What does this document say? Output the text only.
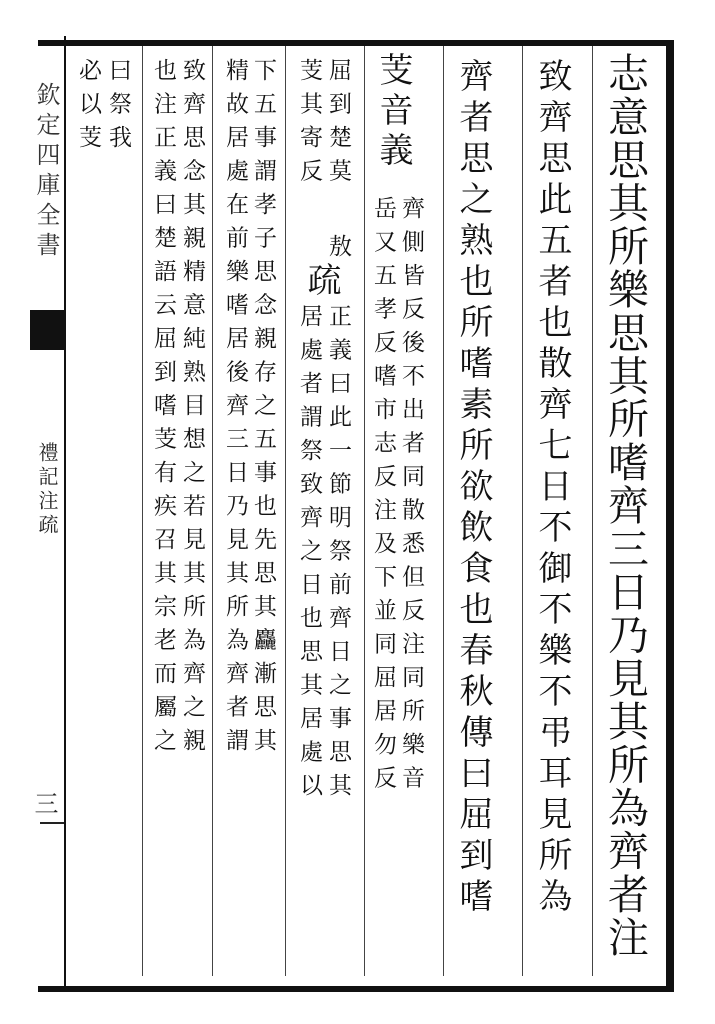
欽定四庫全書
禮記注疏
三	志意思其所樂思其所嗜齊三日乃見其所為齊者注
致齊思此五者也散齊七日不御不樂不弔耳見所為
齊者思之熟也所嗜素所欲飲食也春秋傳曰屈到嗜
芰音義
齊側皆反後不出者同散悉但反注同所樂音
岳又五孝反嗜市志反注及下並同屈居勿反
屈到楚莫
敖
芰其寄反
疏
正義曰此一節明祭前齊日之事思其
居處者謂祭致齊之日也思其居處以
下五事謂孝子思念親存之五事也先思其麤漸思其
精故居處在前樂嗜居後齊三日乃見其所為齊者謂
致齊思念其親精意純熟目想之若見其所為齊之親
也注正義曰楚語云屈到嗜芰有疾召其宗老而屬之
曰祭我
必以芰
